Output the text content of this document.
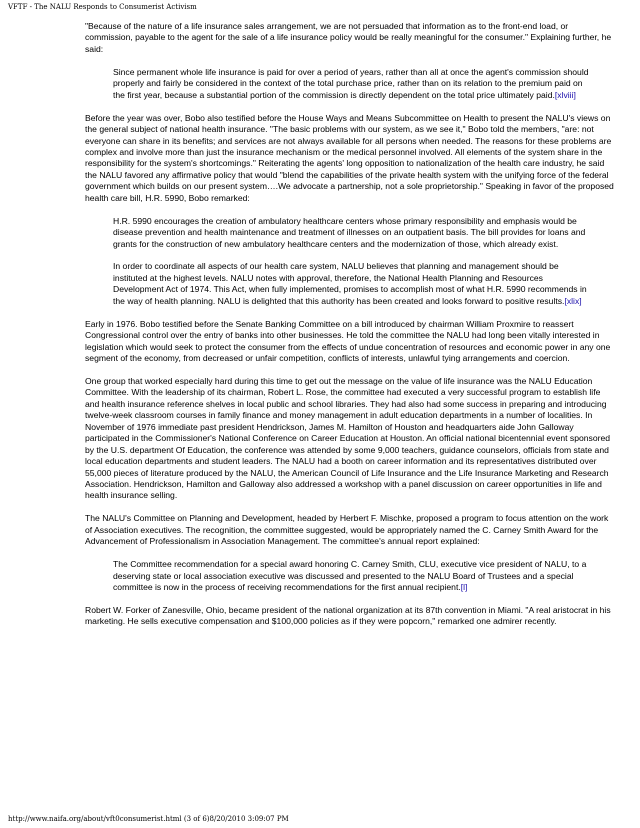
VFTF - The NALU Responds to Consumerist Activism

"Because of the nature of a life insurance sales arrangement, we are not persuaded that information as to the front-end load, or commission, payable to the agent for the sale of a life insurance policy would be really meaningful for the consumer." Explaining further, he said:

Since permanent whole life insurance is paid for over a period of years, rather than all at once the agent's commission should properly and fairly be considered in the context of the total purchase price, rather than on its relation to the premium paid on the first year, because a substantial portion of the commission is directly dependent on the total price ultimately paid.[xlviii]

Before the year was over, Bobo also testified before the House Ways and Means Subcommittee on Health to present the NALU's views on the general subject of national health insurance. "The basic problems with our system, as we see it," Bobo told the members, "are: not everyone can share in its benefits; and services are not always available for all persons when needed. The reasons for these problems are complex and involve more than just the insurance mechanism or the medical personnel involved. All elements of the system share in the responsibility for the system's shortcomings." Reiterating the agents' long opposition to nationalization of the health care industry, he said the NALU favored any affirmative policy that would "blend the capabilities of the private health system with the unifying force of the federal government which builds on our present system….We advocate a partnership, not a sole proprietorship." Speaking in favor of the proposed health care bill, H.R. 5990, Bobo remarked:

H.R. 5990 encourages the creation of ambulatory healthcare centers whose primary responsibility and emphasis would be disease prevention and health maintenance and treatment of illnesses on an outpatient basis. The bill provides for loans and grants for the construction of new ambulatory healthcare centers and the modernization of those, which already exist.

In order to coordinate all aspects of our health care system, NALU believes that planning and management should be instituted at the highest levels. NALU notes with approval, therefore, the National Health Planning and Resources Development Act of 1974. This Act, when fully implemented, promises to accomplish most of what H.R. 5990 recommends in the way of health planning. NALU is delighted that this authority has been created and looks forward to positive results.[xlix]

Early in 1976. Bobo testified before the Senate Banking Committee on a bill introduced by chairman William Proxmire to reassert Congressional control over the entry of banks into other businesses. He told the committee the NALU had long been vitally interested in legislation which would seek to protect the consumer from the effects of undue concentration of resources and economic power in any one segment of the economy, from decreased or unfair competition, conflicts of interests, unlawful tying arrangements and coercion.

One group that worked especially hard during this time to get out the message on the value of life insurance was the NALU Education Committee. With the leadership of its chairman, Robert L. Rose, the committee had executed a very successful program to establish life and health insurance reference shelves in local public and school libraries. They had also had some success in preparing and introducing twelve-week classroom courses in family finance and money management in adult education departments in a number of localities. In November of 1976 immediate past president Hendrickson, James M. Hamilton of Houston and headquarters aide John Galloway participated in the Commissioner's National Conference on Career Education at Houston. An official national bicentennial event sponsored by the U.S. department Of Education, the conference was attended by some 9,000 teachers, guidance counselors, officials from state and local education departments and student leaders. The NALU had a booth on career information and its representatives distributed over 55,000 pieces of literature produced by the NALU, the American Council of Life Insurance and the Life Insurance Marketing and Research Association. Hendrickson, Hamilton and Galloway also addressed a workshop with a panel discussion on career opportunities in life and health insurance selling.

The NALU's Committee on Planning and Development, headed by Herbert F. Mischke, proposed a program to focus attention on the work of Association executives. The recognition, the committee suggested, would be appropriately named the C. Carney Smith Award for the Advancement of Professionalism in Association Management. The committee's annual report explained:

The Committee recommendation for a special award honoring C. Carney Smith, CLU, executive vice president of NALU, to a deserving state or local association executive was discussed and presented to the NALU Board of Trustees and a special committee is now in the process of receiving recommendations for the first annual recipient.[l]

Robert W. Forker of Zanesville, Ohio, became president of the national organization at its 87th convention in Miami. "A real aristocrat in his marketing. He sells executive compensation and $100,000 policies as if they were popcorn," remarked one admirer recently.

http://www.naifa.org/about/vft0consumerist.html (3 of 6)8/20/2010 3:09:07 PM
